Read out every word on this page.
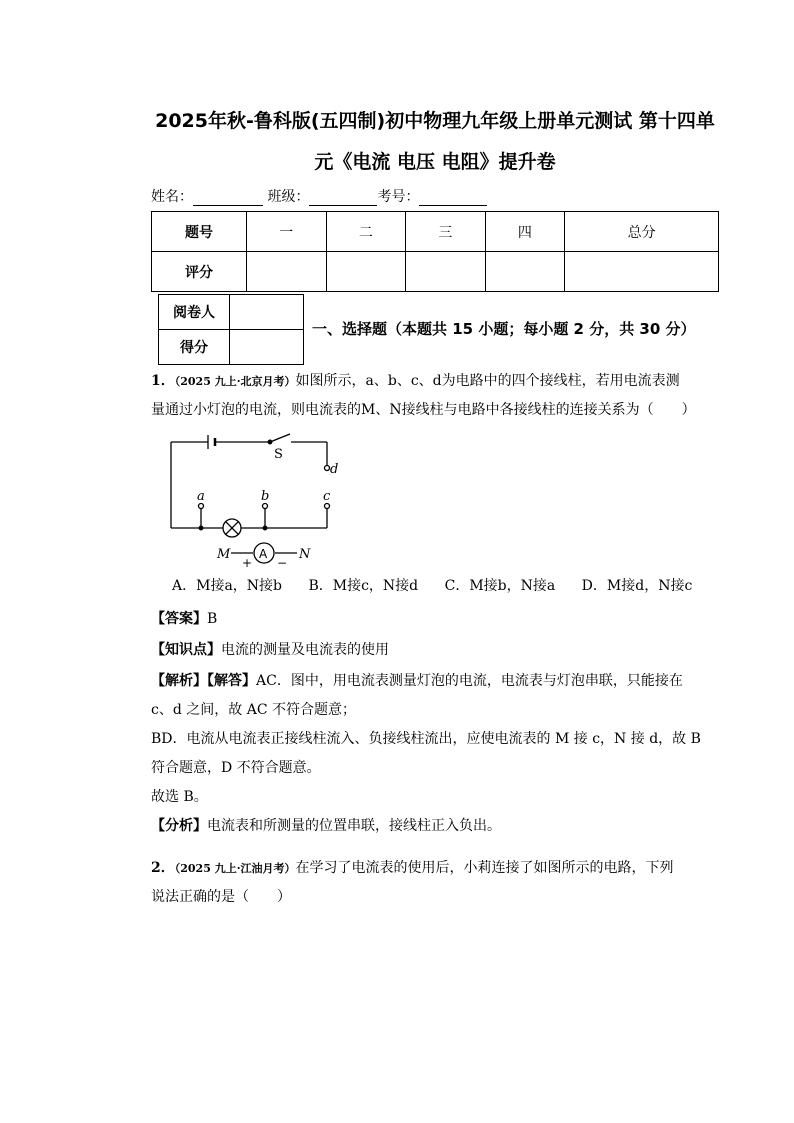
2025年秋-鲁科版(五四制)初中物理九年级上册单元测试 第十四单
元《电流 电压 电阻》提升卷
姓名：	班级：	考号：
题号	一	二	三	四	总分
评分					
阅卷人	
得分	
一、选择题（本题共 15 小题；每小题 2 分，共 30 分）
1．（2025 九上·北京月考）如图所示，a、b、c、d为电路中的四个接线柱，若用电流表测
量通过小灯泡的电流，则电流表的M、N接线柱与电路中各接线柱的连接关系为（　　）
S
d
a	b	c
M	N
A
+ −
A．M接a，N接b B．M接c，N接d C．M接b，N接a D．M接d，N接c
【答案】B
【知识点】电流的测量及电流表的使用
【解析】【解答】AC．图中，用电流表测量灯泡的电流，电流表与灯泡串联，只能接在
c、d 之间，故 AC 不符合题意；
BD．电流从电流表正接线柱流入、负接线柱流出，应使电流表的 M 接 c，N 接 d，故 B
符合题意，D 不符合题意。
故选 B。
【分析】电流表和所测量的位置串联，接线柱正入负出。
2．（2025 九上·江油月考）在学习了电流表的使用后，小莉连接了如图所示的电路，下列
说法正确的是（　　）
